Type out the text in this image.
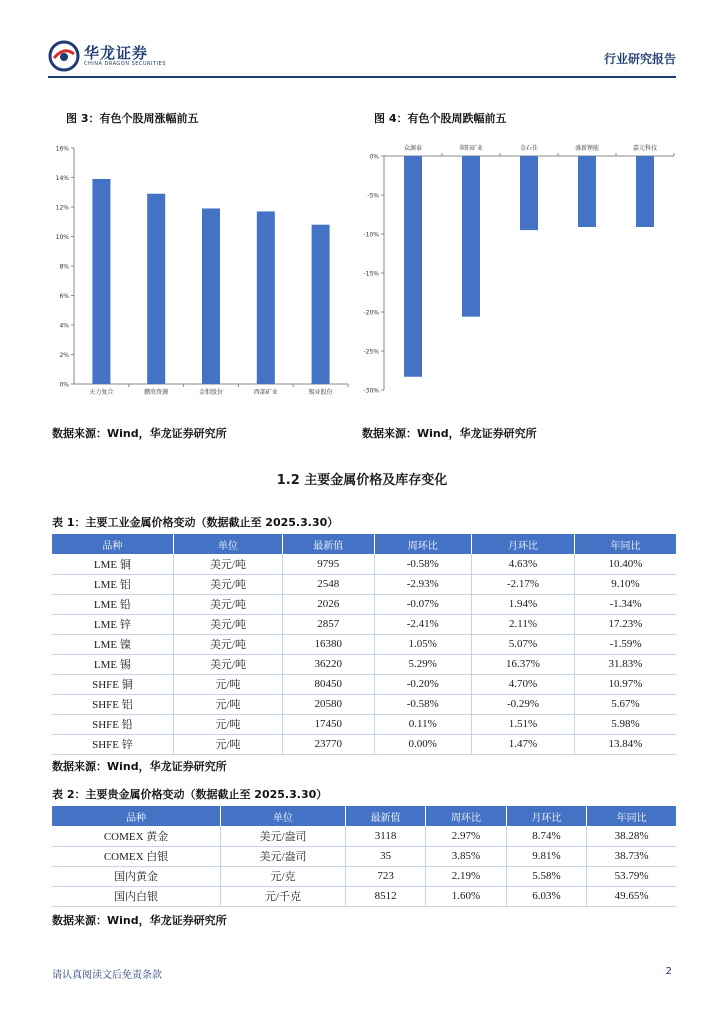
华龙证券
CHINA DRAGON SECURITIES	行业研究报告
图 3：有色个股周涨幅前五	图 4：有色个股周跌幅前五
0%
2%
4%
6%
8%
10%
12%
14%
16%
天力复合	鹏欣资源	金钼股份	西部矿业	锡业股份
0%
-5%
-10%
-15%
-20%
-25%
-30%
众源泰	翠阳矿业	金石佳	盛新锂能	嘉元科技
数据来源：Wind，华龙证券研究所	数据来源：Wind，华龙证券研究所
1.2 主要金属价格及库存变化
表 1：主要工业金属价格变动（数据截止至 2025.3.30）
品种	单位	最新值	周环比	月环比	年同比
LME 铜	美元/吨	9795	-0.58%	4.63%	10.40%
LME 铝	美元/吨	2548	-2.93%	-2.17%	9.10%
LME 铅	美元/吨	2026	-0.07%	1.94%	-1.34%
LME 锌	美元/吨	2857	-2.41%	2.11%	17.23%
LME 镍	美元/吨	16380	1.05%	5.07%	-1.59%
LME 锡	美元/吨	36220	5.29%	16.37%	31.83%
SHFE 铜	元/吨	80450	-0.20%	4.70%	10.97%
SHFE 铝	元/吨	20580	-0.58%	-0.29%	5.67%
SHFE 铅	元/吨	17450	0.11%	1.51%	5.98%
SHFE 锌	元/吨	23770	0.00%	1.47%	13.84%
数据来源：Wind，华龙证券研究所
表 2：主要贵金属价格变动（数据截止至 2025.3.30）
品种	单位	最新值	周环比	月环比	年同比
COMEX 黄金	美元/盎司	3118	2.97%	8.74%	38.28%
COMEX 白银	美元/盎司	35	3.85%	9.81%	38.73%
国内黄金	元/克	723	2.19%	5.58%	53.79%
国内白银	元/千克	8512	1.60%	6.03%	49.65%
数据来源：Wind，华龙证券研究所
请认真阅读文后免责条款	2
